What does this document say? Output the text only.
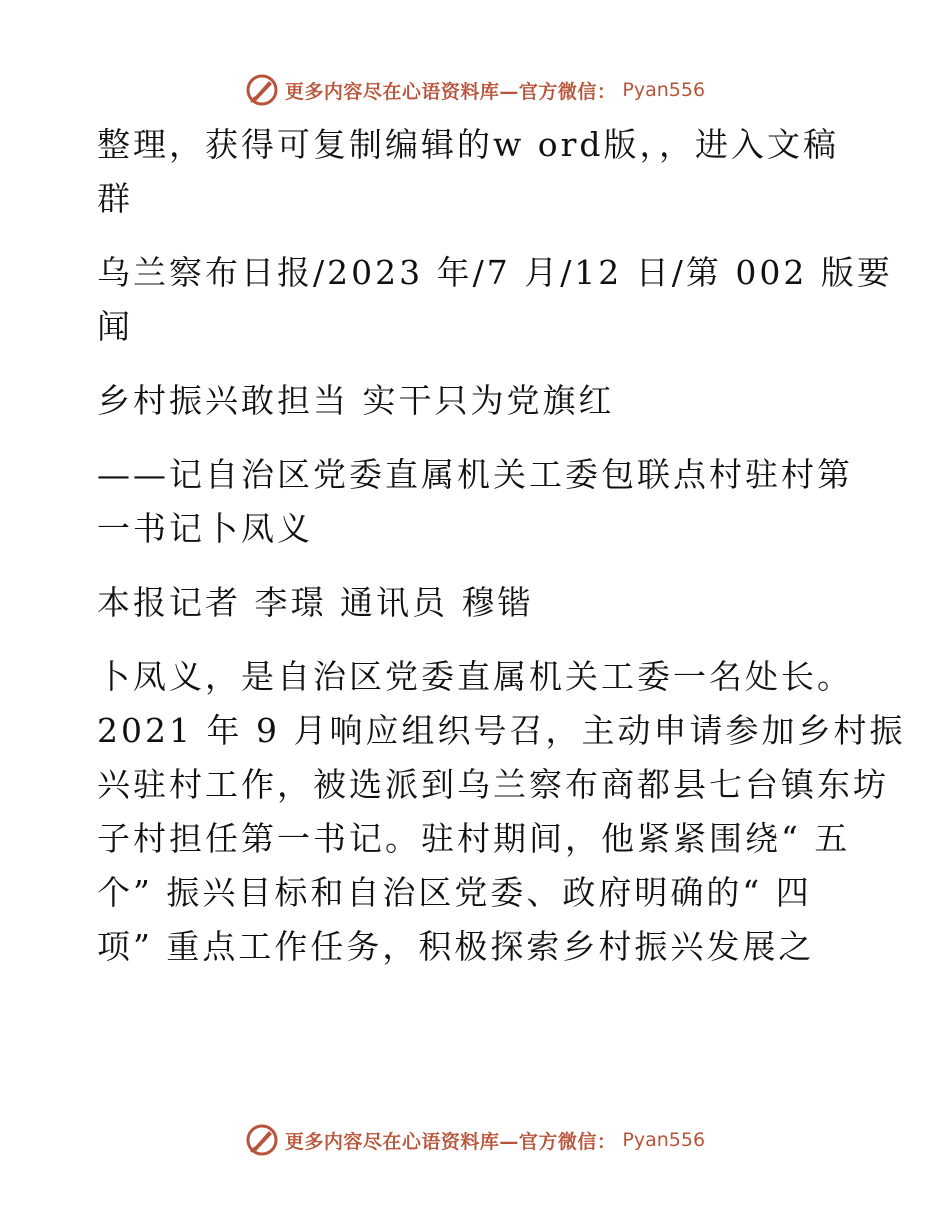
更多内容尽在心语资料库—官方微信： Pyan556
整理，获得可复制编辑的w ord版，，进入文稿
群
乌兰察布日报/2023 年/7 月/12 日/第 002 版要
闻
乡村振兴敢担当 实干只为党旗红
——记自治区党委直属机关工委包联点村驻村第
一书记卜凤义
本报记者 李璟 通讯员 穆锴
卜凤义，是自治区党委直属机关工委一名处长。
2021 年 9 月响应组织号召，主动申请参加乡村振
兴驻村工作，被选派到乌兰察布商都县七台镇东坊
子村担任第一书记。驻村期间，他紧紧围绕“ 五
个” 振兴目标和自治区党委、政府明确的“ 四
项” 重点工作任务，积极探索乡村振兴发展之
更多内容尽在心语资料库—官方微信： Pyan556
